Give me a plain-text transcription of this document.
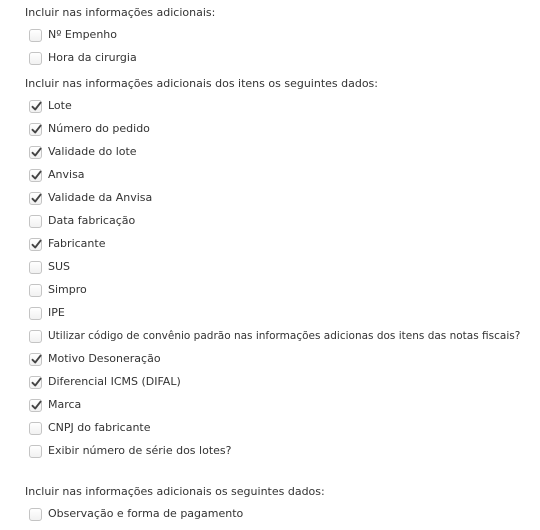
Incluir nas informações adicionais:
Nº Empenho
Hora da cirurgia
Incluir nas informações adicionais dos itens os seguintes dados:
Lote
Número do pedido
Validade do lote
Anvisa
Validade da Anvisa
Data fabricação
Fabricante
SUS
Simpro
IPE
Utilizar código de convênio padrão nas informações adicionas dos itens das notas fiscais?
Motivo Desoneração
Diferencial ICMS (DIFAL)
Marca
CNPJ do fabricante
Exibir número de série dos lotes?
Incluir nas informações adicionais os seguintes dados:
Observação e forma de pagamento
